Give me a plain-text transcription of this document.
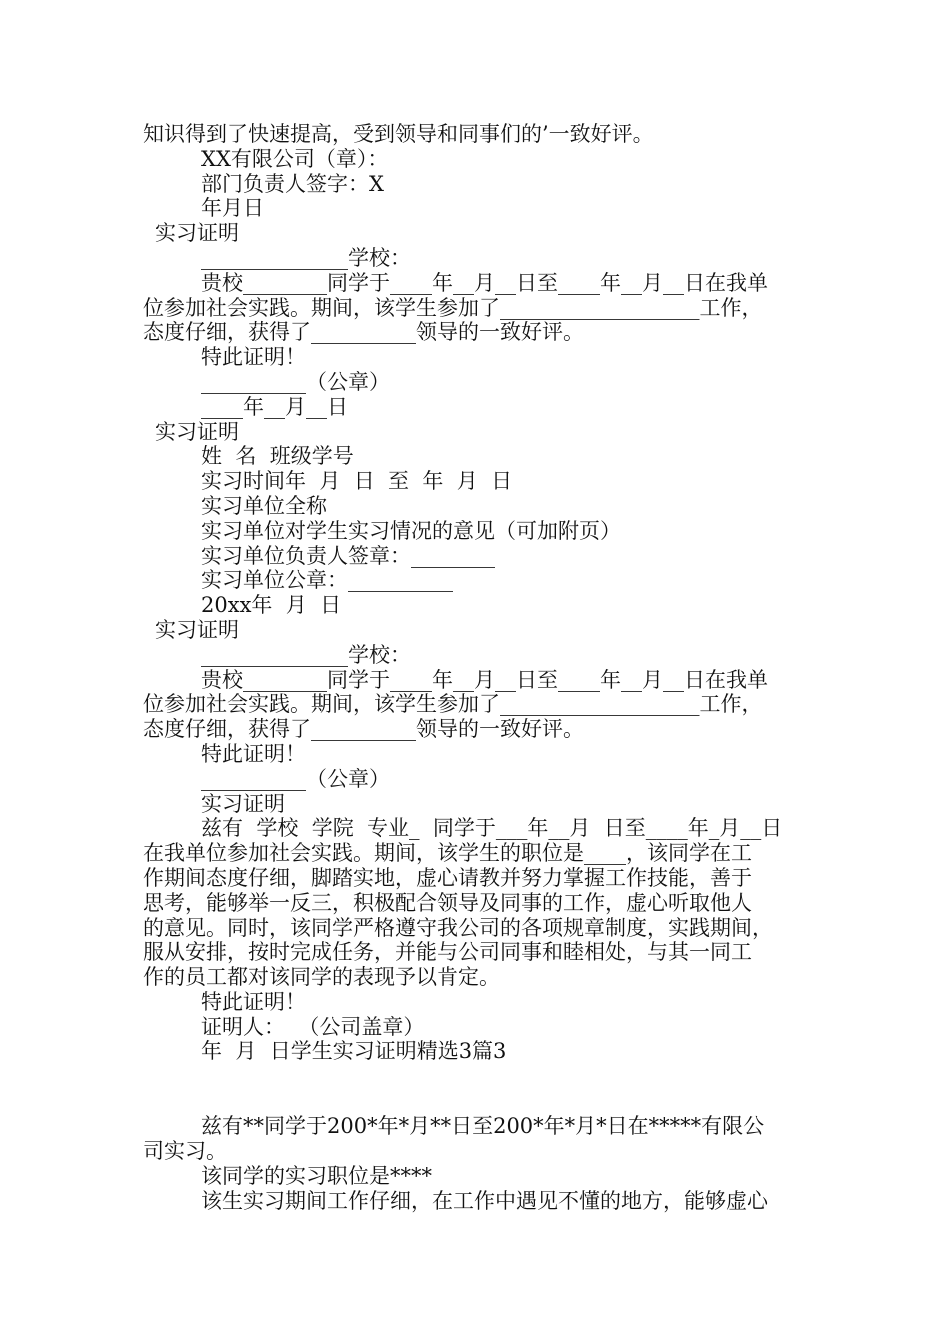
知识得到了快速提高，受到领导和同事们的’一致好评。
XX有限公司（章）：
部门负责人签字：X
年月日
实习证明
______________学校：
贵校________同学于____年__月__日至____年__月__日在我单
位参加社会实践。期间，该学生参加了___________________工作，
态度仔细，获得了__________领导的一致好评。
特此证明！
__________（公章）
____年__月__日
实习证明
姓  名  班级学号
实习时间年  月  日  至  年  月  日
实习单位全称
实习单位对学生实习情况的意见（可加附页）
实习单位负责人签章：________
实习单位公章：__________
20xx年  月  日
实习证明
______________学校：
贵校________同学于____年__月__日至____年__月__日在我单
位参加社会实践。期间，该学生参加了___________________工作，
态度仔细，获得了__________领导的一致好评。
特此证明！
__________（公章）
实习证明
兹有  学校  学院  专业_  同学于___年__月  日至____年_月__日
在我单位参加社会实践。期间，该学生的职位是____，该同学在工
作期间态度仔细，脚踏实地，虚心请教并努力掌握工作技能，善于
思考，能够举一反三，积极配合领导及同事的工作，虚心听取他人
的意见。同时，该同学严格遵守我公司的各项规章制度，实践期间，
服从安排，按时完成任务，并能与公司同事和睦相处，与其一同工
作的员工都对该同学的表现予以肯定。
特此证明！
证明人：  （公司盖章）
年  月  日学生实习证明精选3篇3
兹有**同学于200*年*月**日至200*年*月*日在*****有限公
司实习。
该同学的实习职位是****
该生实习期间工作仔细，在工作中遇见不懂的地方，能够虚心
